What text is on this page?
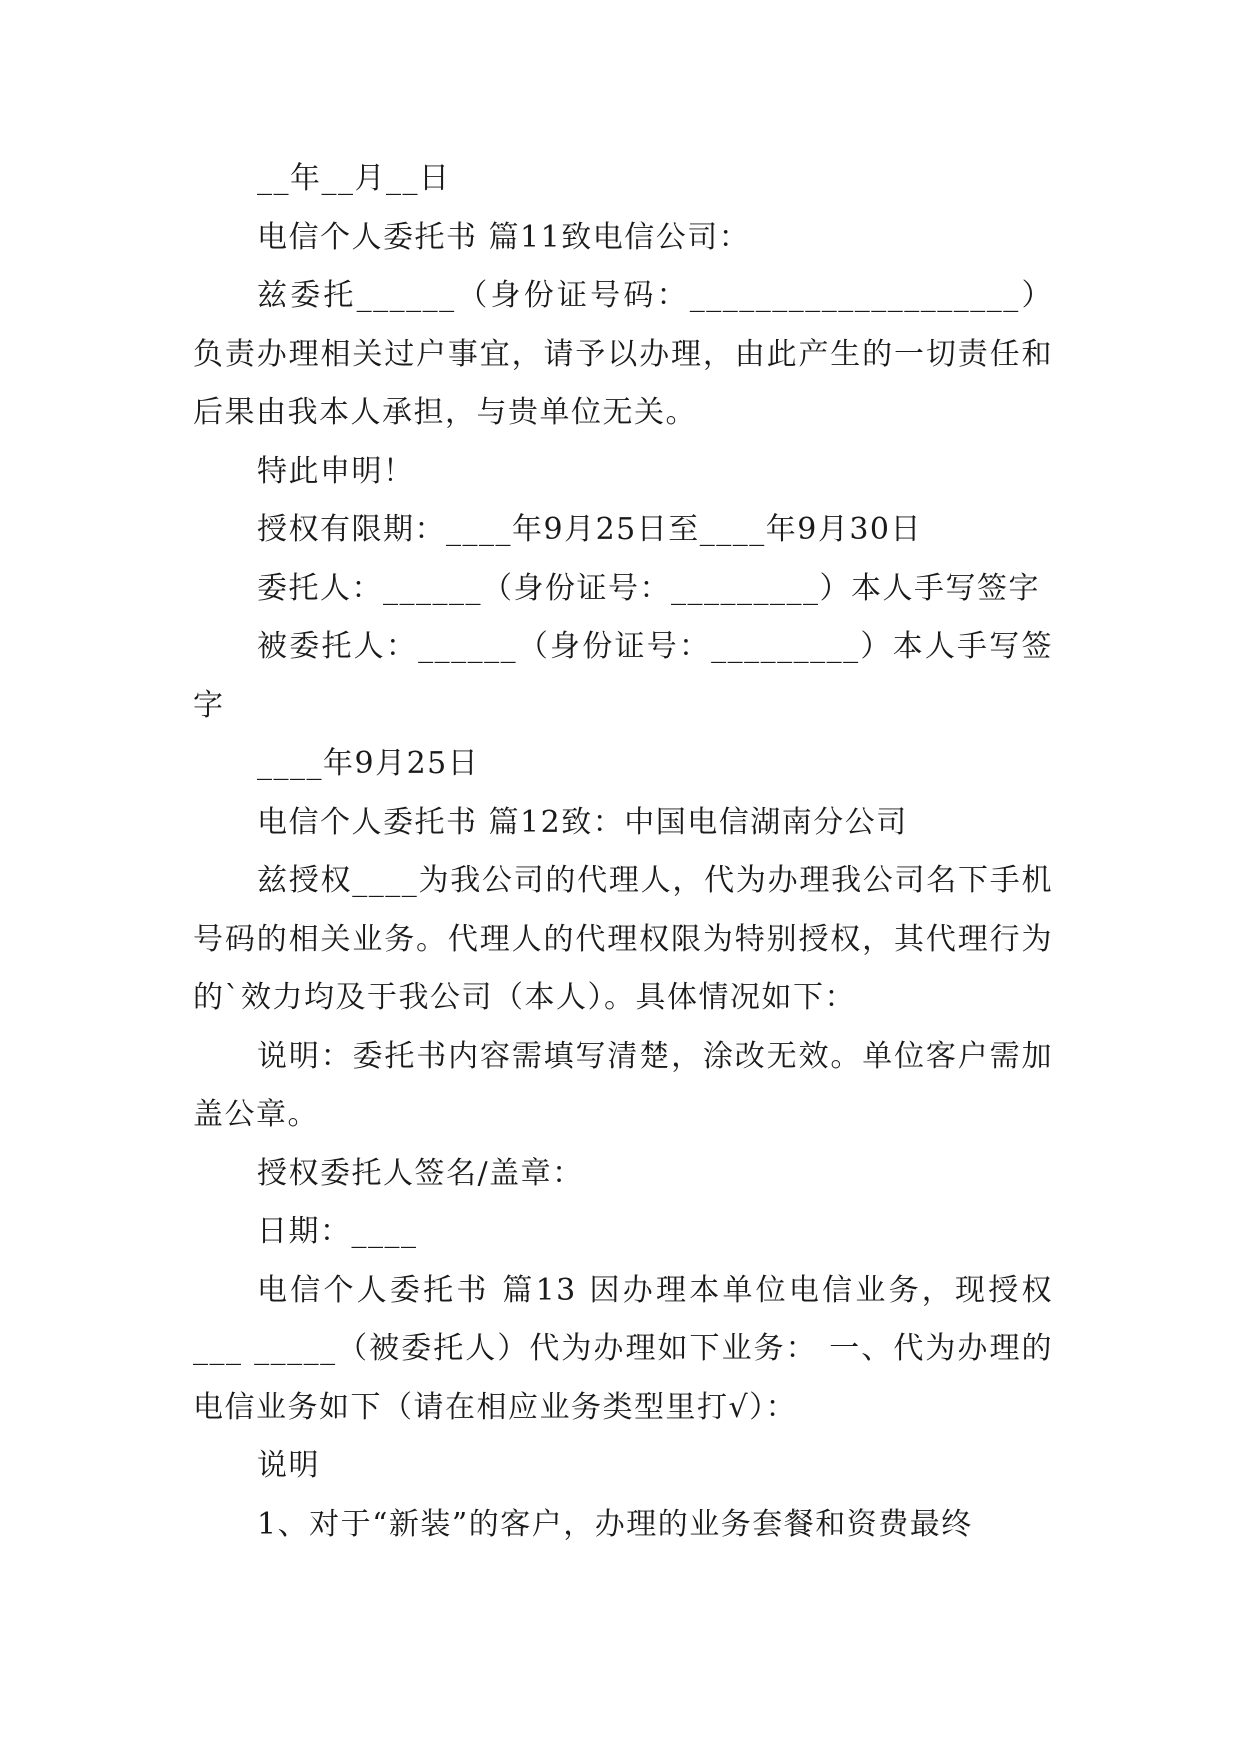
__年__月__日

电信个人委托书 篇11致电信公司：

兹委托______（身份证号码：____________________）负责办理相关过户事宜，请予以办理，由此产生的一切责任和后果由我本人承担，与贵单位无关。

特此申明！

授权有限期：____年9月25日至____年9月30日

委托人：______（身份证号：_________）本人手写签字

被委托人：______（身份证号：_________）本人手写签字

____年9月25日

电信个人委托书 篇12致：中国电信湖南分公司

兹授权____为我公司的代理人，代为办理我公司名下手机号码的相关业务。代理人的代理权限为特别授权，其代理行为的`效力均及于我公司（本人）。具体情况如下：

说明：委托书内容需填写清楚，涂改无效。单位客户需加盖公章。

授权委托人签名/盖章：

日期：____

电信个人委托书 篇13 因办理本单位电信业务，现授权___ _____（被委托人）代为办理如下业务： 一、代为办理的电信业务如下（请在相应业务类型里打√）：

说明

1、对于“新装”的客户，办理的业务套餐和资费最终
